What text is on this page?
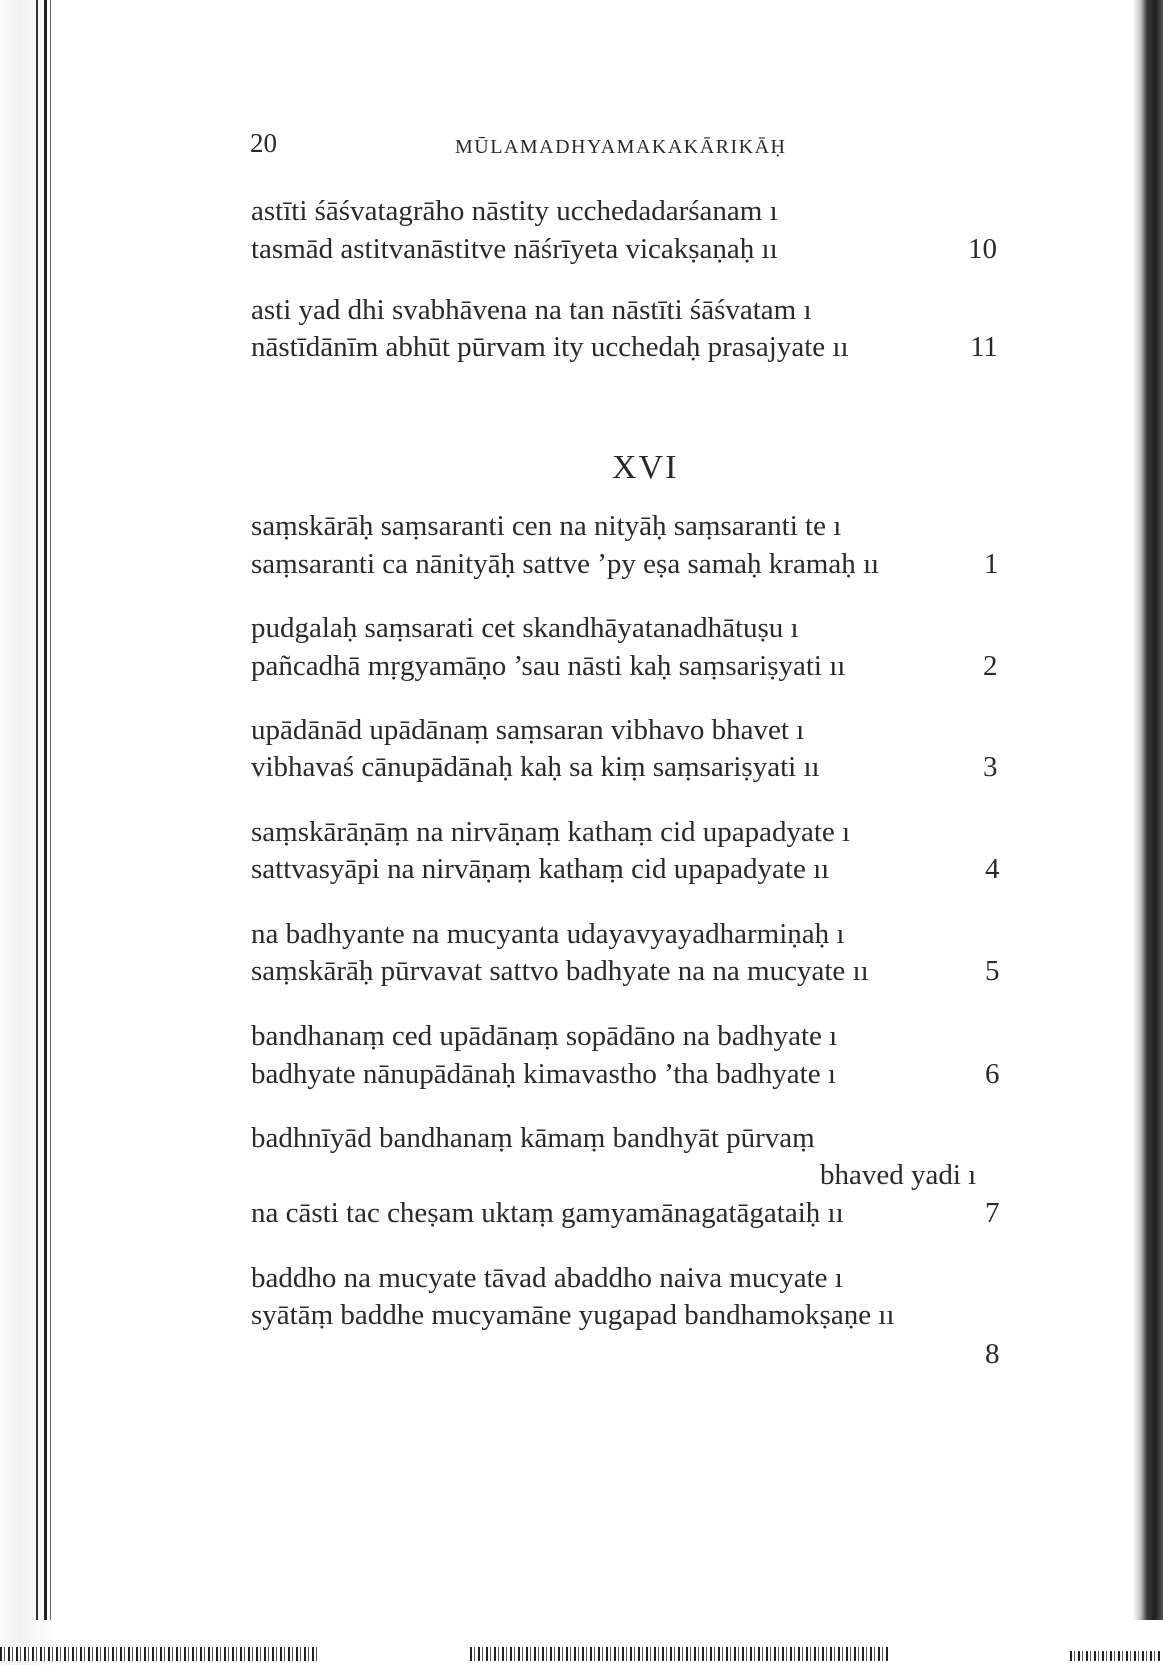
20	MŪLAMADHYAMAKAKĀRIKĀḤ
astīti śāśvatagrāho nāstity ucchedadarśanam ı
tasmād astitvanāstitve nāśrīyeta vicakṣaṇaḥ ıı	10
asti yad dhi svabhāvena na tan nāstīti śāśvatam ı
nāstīdānīm abhūt pūrvam ity ucchedaḥ prasajyate ıı	11
XVI
saṃskārāḥ saṃsaranti cen na nityāḥ saṃsaranti te ı
saṃsaranti ca nānityāḥ sattve ’py eṣa samaḥ kramaḥ ıı	1
pudgalaḥ saṃsarati cet skandhāyatanadhātuṣu ı
pañcadhā mṛgyamāṇo ’sau nāsti kaḥ saṃsariṣyati ıı	2
upādānād upādānaṃ saṃsaran vibhavo bhavet ı
vibhavaś cānupādānaḥ kaḥ sa kiṃ saṃsariṣyati ıı	3
saṃskārāṇāṃ na nirvāṇaṃ kathaṃ cid upapadyate ı
sattvasyāpi na nirvāṇaṃ kathaṃ cid upapadyate ıı	4
na badhyante na mucyanta udayavyayadharmiṇaḥ ı
saṃskārāḥ pūrvavat sattvo badhyate na na mucyate ıı	5
bandhanaṃ ced upādānaṃ sopādāno na badhyate ı
badhyate nānupādānaḥ kimavastho ’tha badhyate ı	6
badhnīyād bandhanaṃ kāmaṃ bandhyāt pūrvaṃ
bhaved yadi ı
na cāsti tac cheṣam uktaṃ gamyamānagatāgataiḥ ıı	7
baddho na mucyate tāvad abaddho naiva mucyate ı
syātāṃ baddhe mucyamāne yugapad bandhamokṣaṇe ıı
8
